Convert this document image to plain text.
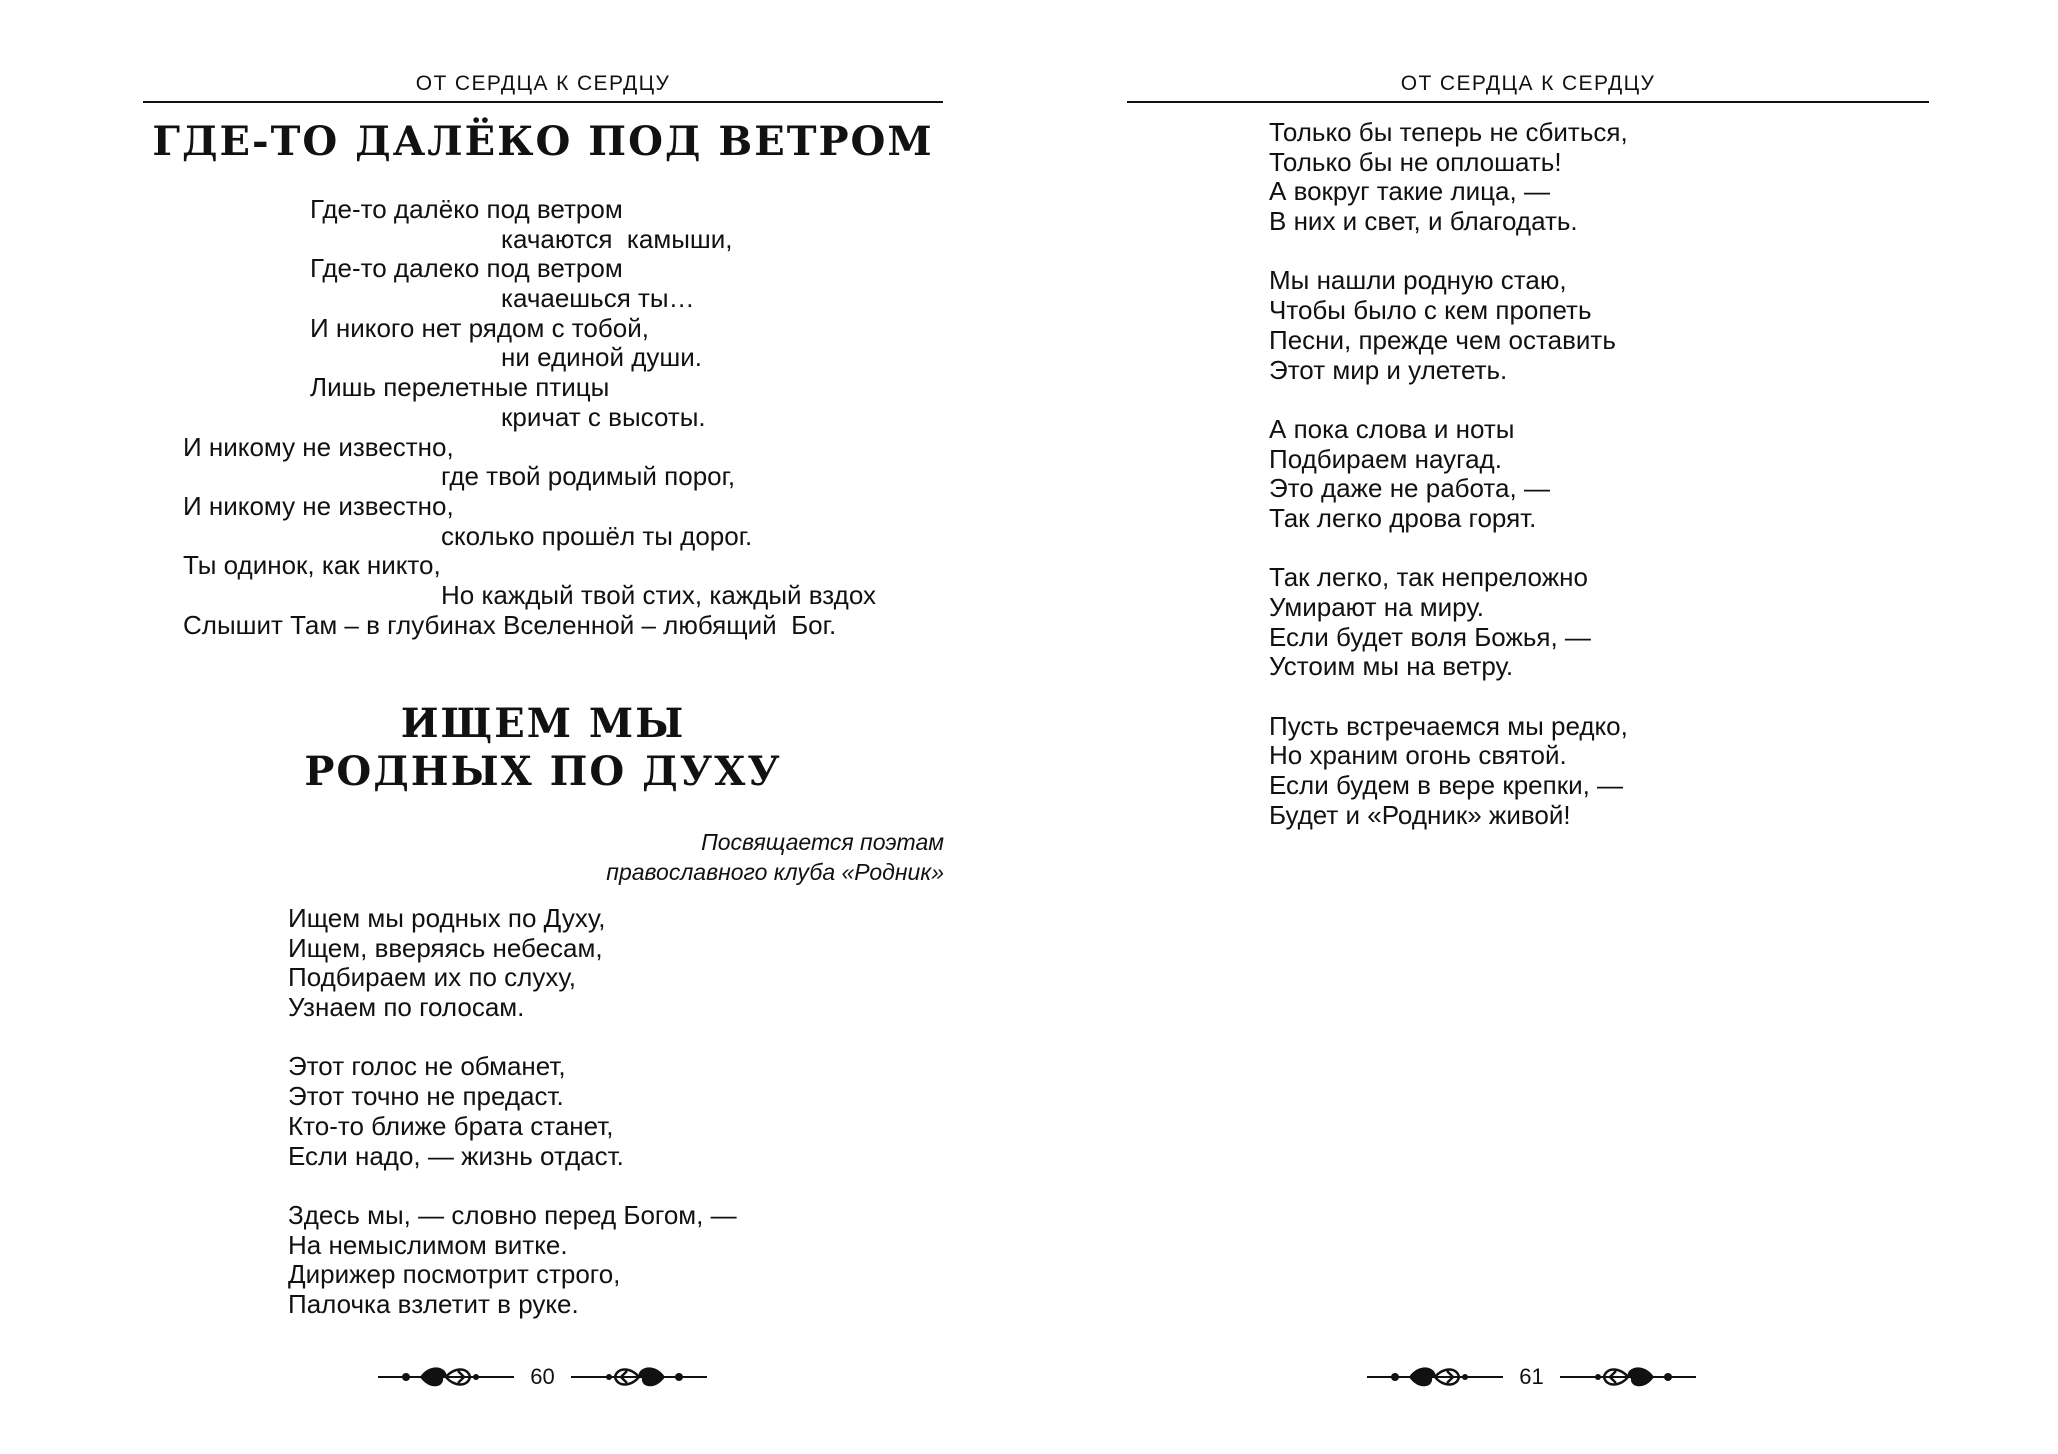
ОТ СЕРДЦА К СЕРДЦУ
ГДЕ-ТО ДАЛЁКО ПОД ВЕТРОМ
Где-то далёко под ветром
качаются  камыши,
Где-то далеко под ветром
качаешься ты…
И никого нет рядом с тобой,
ни единой души.
Лишь перелетные птицы
кричат с высоты.
И никому не известно,
где твой родимый порог,
И никому не известно,
сколько прошёл ты дорог.
Ты одинок, как никто,
Но каждый твой стих, каждый вздох
Слышит Там – в глубинах Вселенной – любящий  Бог.
ИЩЕМ МЫ
РОДНЫХ ПО ДУХУ
Посвящается поэтам
православного клуба «Родник»
Ищем мы родных по Духу,
Ищем, вверяясь небесам,
Подбираем их по слуху,
Узнаем по голосам.
Этот голос не обманет,
Этот точно не предаст.
Кто-то ближе брата станет,
Если надо, — жизнь отдаст.
Здесь мы, — словно перед Богом, —
На немыслимом витке.
Дирижер посмотрит строго,
Палочка взлетит в руке.
60
ОТ СЕРДЦА К СЕРДЦУ
Только бы теперь не сбиться,
Только бы не оплошать!
А вокруг такие лица, —
В них и свет, и благодать.
Мы нашли родную стаю,
Чтобы было с кем пропеть
Песни, прежде чем оставить
Этот мир и улететь.
А пока слова и ноты
Подбираем наугад.
Это даже не работа, —
Так легко дрова горят.
Так легко, так непреложно
Умирают на миру.
Если будет воля Божья, —
Устоим мы на ветру.
Пусть встречаемся мы редко,
Но храним огонь святой.
Если будем в вере крепки, —
Будет и «Родник» живой!
61
